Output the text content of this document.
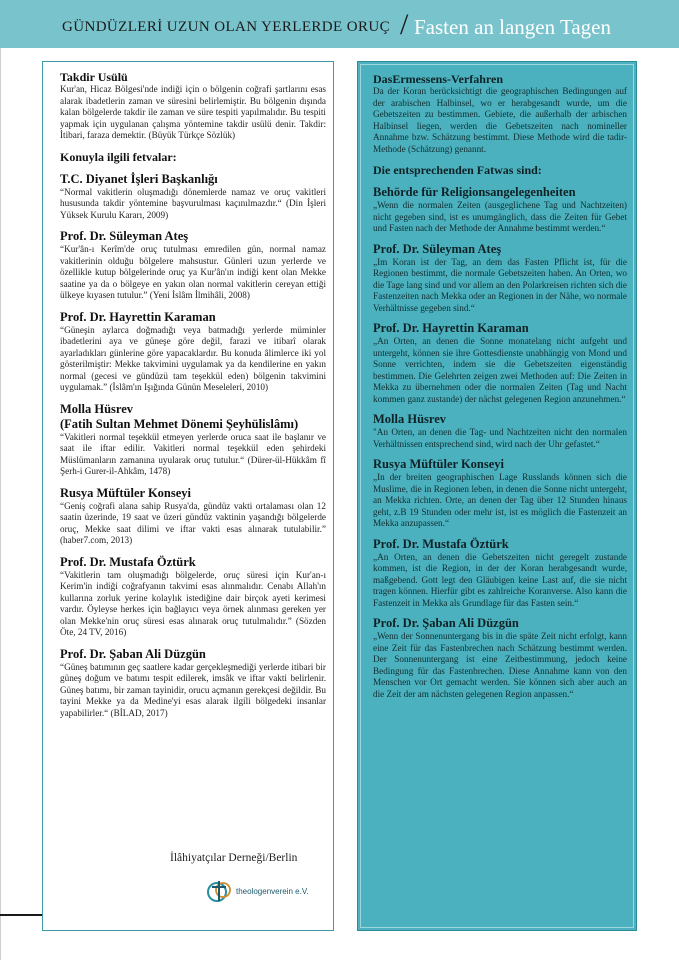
GÜNDÜZLERİ UZUN OLAN YERLERDE ORUÇ / Fasten an langen Tagen
Takdir Usülü

Kur'an, Hicaz Bölgesi'nde indiği için o bölgenin coğrafi şartlarını esas alarak ibadetlerin zaman ve süresini belirlemiştir. Bu bölgenin dışında kalan bölgelerde takdir ile zaman ve süre tespiti yapılmalıdır. Bu tespiti yapmak için uygulanan çalışma yöntemine takdir usülü denir. Takdir: İtibari, faraza demektir. (Büyük Türkçe Sözlük)

Konuyla ilgili fetvalar:
T.C. Diyanet İşleri Başkanlığı

“Normal vakitlerin oluşmadığı dönemlerde namaz ve oruç vakitleri hususunda takdir yöntemine başvurulması kaçınılmazdır.“ (Din İşleri Yüksek Kurulu Kararı, 2009)

Prof. Dr. Süleyman Ateş

“Kur'ân-ı Kerîm'de oruç tutulması emredilen gün, normal namaz vakitlerinin olduğu bölgelere mahsustur. Günleri uzun yerlerde ve özellikle kutup bölgelerinde oruç ya Kur'ân'ın indiği kent olan Mekke saatine ya da o bölgeye en yakın olan normal vakitlerin cereyan ettiği ülkeye kıyasen tutulur.” (Yeni İslâm İlmihâli, 2008)

Prof. Dr. Hayrettin Karaman

“Güneşin aylarca doğmadığı veya batmadığı yerlerde müminler ibadetlerini aya ve güneşe göre değil, farazi ve itibarî olarak ayarladıkları günlerine göre yapacaklardır. Bu konuda âlimlerce iki yol gösterilmiştir: Mekke takvimini uygulamak ya da kendilerine en yakın normal (gecesi ve gündüzü tam teşekkül eden) bölgenin takvimini uygulamak.” (İslâm'ın Işığında Günün Meseleleri, 2010)

Molla Hüsrev
(Fatih Sultan Mehmet Dönemi Şeyhülislâmı)

“Vakitleri normal teşekkül etmeyen yerlerde oruca saat ile başlanır ve saat ile iftar edilir. Vakitleri normal teşekkül eden şehirdeki Müslümanların zamanına uyularak oruç tutulur.“ (Dürer-ül-Hükkâm fî Şerh-i Gurer-il-Ahkâm, 1478)

Rusya Müftüler Konseyi

“Geniş coğrafi alana sahip Rusya'da, gündüz vakti ortalaması olan 12 saatin üzerinde, 19 saat ve üzeri gündüz vaktinin yaşandığı bölgelerde oruç, Mekke saat dilimi ve iftar vakti esas alınarak tutulabilir.” (haber7.com, 2013)

Prof. Dr. Mustafa Öztürk

“Vakitlerin tam oluşmadığı bölgelerde, oruç süresi için Kur'an-ı Kerim'in indiği coğrafyanın takvimi esas alınmalıdır. Cenabı Allah'ın kullarına zorluk yerine kolaylık istediğine dair birçok ayeti kerimesi vardır. Öyleyse herkes için bağlayıcı veya örnek alınması gereken yer olan Mekke'nin oruç süresi esas alınarak oruç tutulmalıdır.” (Sözden Öte, 24 TV, 2016)

Prof. Dr. Şaban Ali Düzgün

“Güneş batımının geç saatlere kadar gerçekleşmediği yerlerde itibari bir güneş doğum ve batımı tespit edilerek, imsâk ve iftar vakti belirlenir. Güneş batımı, bir zaman tayinidir, orucu açmanın gerekçesi değildir. Bu tayini Mekke ya da Medine'yi esas alarak ilgili bölgedeki insanlar yapabilirler.“ (BİLAD, 2017)

İlâhiyatçılar Derneği/Berlin
theologenverein e.V.
DasErmessens-Verfahren

Da der Koran berücksichtigt die geographischen Bedingungen auf der arabischen Halbinsel, wo er herabgesandt wurde, um die Gebetszeiten zu bestimmen. Gebiete, die außerhalb der arbischen Halbinsel liegen, werden die Gebetszeiten nach nomineller Annahme bzw. Schätzung bestimmt. Diese Methode wird die tadir-Methode (Schätzung) genannt.

Die entsprechenden Fatwas sind:
Behörde für Religionsangelegenheiten

„Wenn die normalen Zeiten (ausgeglichene Tag und Nachtzeiten) nicht gegeben sind, ist es unumgänglich, dass die Zeiten für Gebet und Fasten nach der Methode der Annahme bestimmt werden.“

Prof. Dr. Süleyman Ateş

„Im Koran ist der Tag, an dem das Fasten Pflicht ist, für die Regionen bestimmt, die normale Gebetszeiten haben. An Orten, wo die Tage lang sind und vor allem an den Polarkreisen richten sich die Fastenzeiten nach Mekka oder an Regionen in der Nähe, wo normale Verhältnisse gegeben sind.“

Prof. Dr. Hayrettin Karaman

„An Orten, an denen die Sonne monatelang nicht aufgeht und untergeht, können sie ihre Gottesdienste unabhängig von Mond und Sonne verrichten, indem sie die Gebetszeiten eigenständig bestimmen. Die Gelehrten zeigen zwei Methoden auf: Die Zeiten in Mekka zu übernehmen oder die normalen Zeiten (Tag und Nacht kommen ganz zustande) der nächst gelegenen Region anzunehmen.“

Molla Hüsrev

"An Orten, an denen die Tag- und Nachtzeiten nicht den normalen Verhältnissen entsprechend sind, wird nach der Uhr gefastet.“

Rusya Müftüler Konseyi

„In der breiten geographischen Lage Russlands können sich die Muslime, die in Regionen leben, in denen die Sonne nicht untergeht, an Mekka richten. Orte, an denen der Tag über 12 Stunden hinaus geht, z.B 19 Stunden oder mehr ist, ist es möglich die Fastenzeit an Mekka anzupassen.“

Prof. Dr. Mustafa Öztürk

„An Orten, an denen die Gebetszeiten nicht geregelt zustande kommen, ist die Region, in der der Koran herabgesandt wurde, maßgebend. Gott legt den Gläubigen keine Last auf, die sie nicht tragen können. Hierfür gibt es zahlreiche Koranverse. Also kann die Fastenzeit in Mekka als Grundlage für das Fasten sein.“

Prof. Dr. Şaban Ali Düzgün

„Wenn der Sonnenuntergang bis in die späte Zeit nicht erfolgt, kann eine Zeit für das Fastenbrechen nach Schätzung bestimmt werden. Der Sonnenuntergang ist eine Zeitbestimmung, jedoch keine Bedingung für das Fastenbrechen. Diese Annahme kann von den Menschen vor Ort gemacht werden. Sie können sich aber auch an die Zeit der am nächsten gelegenen Region anpassen.“
